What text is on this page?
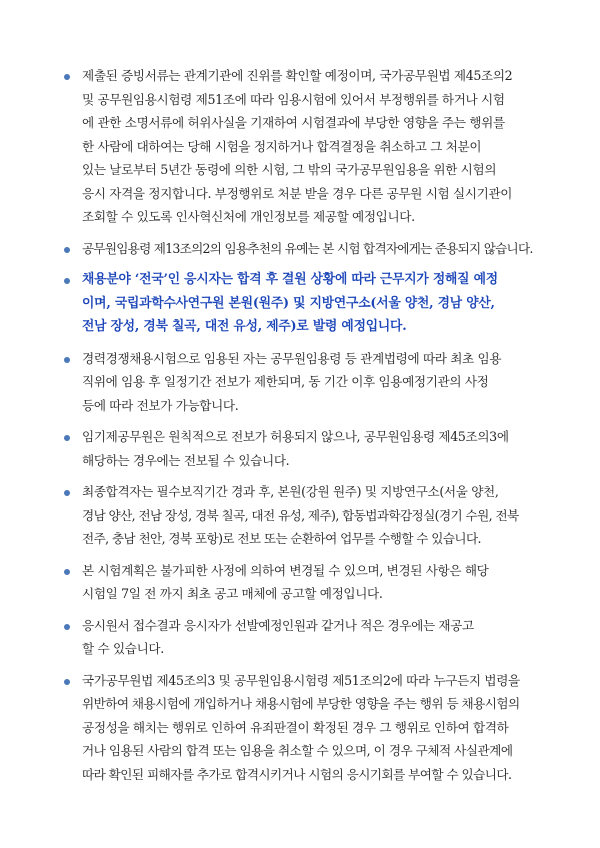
제출된 증빙서류는 관계기관에 진위를 확인할 예정이며, 국가공무원법 제45조의2
및 공무원임용시험령 제51조에 따라 임용시험에 있어서 부정행위를 하거나 시험
에 관한 소명서류에 허위사실을 기재하여 시험결과에 부당한 영향을 주는 행위를
한 사람에 대하여는 당해 시험을 정지하거나 합격결정을 취소하고 그 처분이
있는 날로부터 5년간 동령에 의한 시험, 그 밖의 국가공무원임용을 위한 시험의
응시 자격을 정지합니다. 부정행위로 처분 받을 경우 다른 공무원 시험 실시기관이
조회할 수 있도록 인사혁신처에 개인정보를 제공할 예정입니다.
공무원임용령 제13조의2의 임용추천의 유예는 본 시험 합격자에게는 준용되지 않습니다.
채용분야 ‘전국’인 응시자는 합격 후 결원 상황에 따라 근무지가 정해질 예정
이며, 국립과학수사연구원 본원(원주) 및 지방연구소(서울 양천, 경남 양산,
전남 장성, 경북 칠곡, 대전 유성, 제주)로 발령 예정입니다.
경력경쟁채용시험으로 임용된 자는 공무원임용령 등 관계법령에 따라 최초 임용
직위에 임용 후 일정기간 전보가 제한되며, 동 기간 이후 임용예정기관의 사정
등에 따라 전보가 가능합니다.
임기제공무원은 원칙적으로 전보가 허용되지 않으나, 공무원임용령 제45조의3에
해당하는 경우에는 전보될 수 있습니다.
최종합격자는 필수보직기간 경과 후, 본원(강원 원주) 및 지방연구소(서울 양천,
경남 양산, 전남 장성, 경북 칠곡, 대전 유성, 제주), 합동법과학감정실(경기 수원, 전북
전주, 충남 천안, 경북 포항)로 전보 또는 순환하여 업무를 수행할 수 있습니다.
본 시험계획은 불가피한 사정에 의하여 변경될 수 있으며, 변경된 사항은 해당
시험일 7일 전 까지 최초 공고 매체에 공고할 예정입니다.
응시원서 접수결과 응시자가 선발예정인원과 같거나 적은 경우에는 재공고
할 수 있습니다.
국가공무원법 제45조의3 및 공무원임용시험령 제51조의2에 따라 누구든지 법령을
위반하여 채용시험에 개입하거나 채용시험에 부당한 영향을 주는 행위 등 채용시험의
공정성을 해치는 행위로 인하여 유죄판결이 확정된 경우 그 행위로 인하여 합격하
거나 임용된 사람의 합격 또는 임용을 취소할 수 있으며, 이 경우 구체적 사실관계에
따라 확인된 피해자를 추가로 합격시키거나 시험의 응시기회를 부여할 수 있습니다.
